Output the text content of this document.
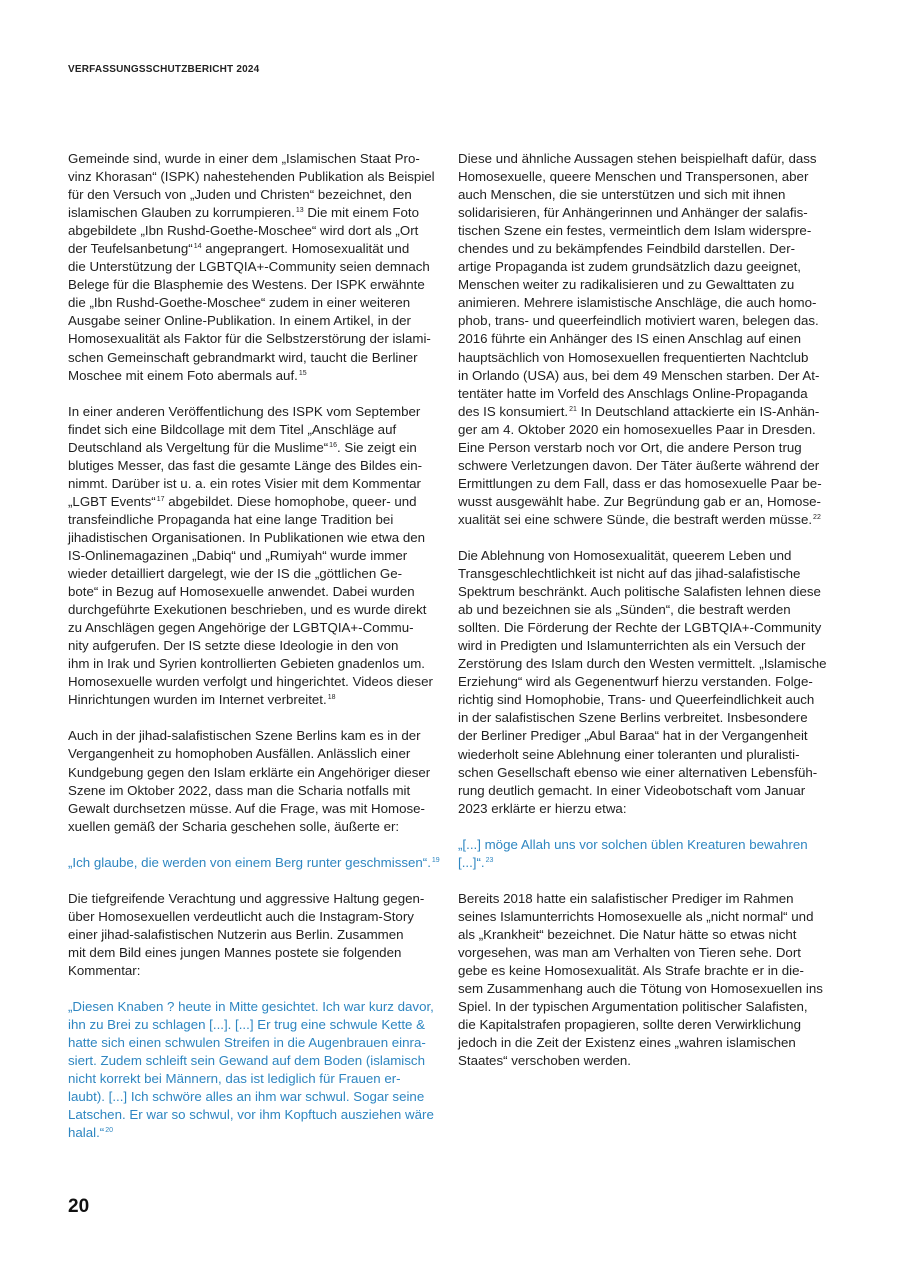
VERFASSUNGSSCHUTZBERICHT 2024

Gemeinde sind, wurde in einer dem „Islamischen Staat Pro-
vinz Khorasan“ (ISPK) nahestehenden Publikation als Beispiel
für den Versuch von „Juden und Christen“ bezeichnet, den
islamischen Glauben zu korrumpieren.$^{13}$ Die mit einem Foto
abgebildete „Ibn Rushd-Goethe-Moschee“ wird dort als „Ort
der Teufelsanbetung“$^{14}$ angeprangert. Homosexualität und
die Unterstützung der LGBTQIA+-Community seien demnach
Belege für die Blasphemie des Westens. Der ISPK erwähnte
die „Ibn Rushd-Goethe-Moschee“ zudem in einer weiteren
Ausgabe seiner Online-Publikation. In einem Artikel, in der
Homosexualität als Faktor für die Selbstzerstörung der islami-
schen Gemeinschaft gebrandmarkt wird, taucht die Berliner
Moschee mit einem Foto abermals auf.$^{15}$

In einer anderen Veröffentlichung des ISPK vom September
findet sich eine Bildcollage mit dem Titel „Anschläge auf
Deutschland als Vergeltung für die Muslime“$^{16}$. Sie zeigt ein
blutiges Messer, das fast die gesamte Länge des Bildes ein-
nimmt. Darüber ist u. a. ein rotes Visier mit dem Kommentar
„LGBT Events“$^{17}$ abgebildet. Diese homophobe, queer- und
transfeindliche Propaganda hat eine lange Tradition bei
jihadistischen Organisationen. In Publikationen wie etwa den
IS-Onlinemagazinen „Dabiq“ und „Rumiyah“ wurde immer
wieder detailliert dargelegt, wie der IS die „göttlichen Ge-
bote“ in Bezug auf Homosexuelle anwendet. Dabei wurden
durchgeführte Exekutionen beschrieben, und es wurde direkt
zu Anschlägen gegen Angehörige der LGBTQIA+-Commu-
nity aufgerufen. Der IS setzte diese Ideologie in den von
ihm in Irak und Syrien kontrollierten Gebieten gnadenlos um.
Homosexuelle wurden verfolgt und hingerichtet. Videos dieser
Hinrichtungen wurden im Internet verbreitet.$^{18}$

Auch in der jihad-salafistischen Szene Berlins kam es in der
Vergangenheit zu homophoben Ausfällen. Anlässlich einer
Kundgebung gegen den Islam erklärte ein Angehöriger dieser
Szene im Oktober 2022, dass man die Scharia notfalls mit
Gewalt durchsetzen müsse. Auf die Frage, was mit Homose-
xuellen gemäß der Scharia geschehen solle, äußerte er:

„Ich glaube, die werden von einem Berg runter geschmissen“.$^{19}$

Die tiefgreifende Verachtung und aggressive Haltung gegen-
über Homosexuellen verdeutlicht auch die Instagram-Story
einer jihad-salafistischen Nutzerin aus Berlin. Zusammen
mit dem Bild eines jungen Mannes postete sie folgenden
Kommentar:

„Diesen Knaben ? heute in Mitte gesichtet. Ich war kurz davor,
ihn zu Brei zu schlagen [...]. [...] Er trug eine schwule Kette &
hatte sich einen schwulen Streifen in die Augenbrauen einra-
siert. Zudem schleift sein Gewand auf dem Boden (islamisch
nicht korrekt bei Männern, das ist lediglich für Frauen er-
laubt). [...] Ich schwöre alles an ihm war schwul. Sogar seine
Latschen. Er war so schwul, vor ihm Kopftuch ausziehen wäre
halal.“$^{20}$

Diese und ähnliche Aussagen stehen beispielhaft dafür, dass
Homosexuelle, queere Menschen und Transpersonen, aber
auch Menschen, die sie unterstützen und sich mit ihnen
solidarisieren, für Anhängerinnen und Anhänger der salafis-
tischen Szene ein festes, vermeintlich dem Islam widerspre-
chendes und zu bekämpfendes Feindbild darstellen. Der-
artige Propaganda ist zudem grundsätzlich dazu geeignet,
Menschen weiter zu radikalisieren und zu Gewalttaten zu
animieren. Mehrere islamistische Anschläge, die auch homo-
phob, trans- und queerfeindlich motiviert waren, belegen das.
2016 führte ein Anhänger des IS einen Anschlag auf einen
hauptsächlich von Homosexuellen frequentierten Nachtclub
in Orlando (USA) aus, bei dem 49 Menschen starben. Der At-
tentäter hatte im Vorfeld des Anschlags Online-Propaganda
des IS konsumiert.$^{21}$ In Deutschland attackierte ein IS-Anhän-
ger am 4. Oktober 2020 ein homosexuelles Paar in Dresden.
Eine Person verstarb noch vor Ort, die andere Person trug
schwere Verletzungen davon. Der Täter äußerte während der
Ermittlungen zu dem Fall, dass er das homosexuelle Paar be-
wusst ausgewählt habe. Zur Begründung gab er an, Homose-
xualität sei eine schwere Sünde, die bestraft werden müsse.$^{22}$

Die Ablehnung von Homosexualität, queerem Leben und
Transgeschlechtlichkeit ist nicht auf das jihad-salafistische
Spektrum beschränkt. Auch politische Salafisten lehnen diese
ab und bezeichnen sie als „Sünden“, die bestraft werden
sollten. Die Förderung der Rechte der LGBTQIA+-Community
wird in Predigten und Islamunterrichten als ein Versuch der
Zerstörung des Islam durch den Westen vermittelt. „Islamische
Erziehung“ wird als Gegenentwurf hierzu verstanden. Folge-
richtig sind Homophobie, Trans- und Queerfeindlichkeit auch
in der salafistischen Szene Berlins verbreitet. Insbesondere
der Berliner Prediger „Abul Baraa“ hat in der Vergangenheit
wiederholt seine Ablehnung einer toleranten und pluralisti-
schen Gesellschaft ebenso wie einer alternativen Lebensfüh-
rung deutlich gemacht. In einer Videobotschaft vom Januar
2023 erklärte er hierzu etwa:

„[...] möge Allah uns vor solchen üblen Kreaturen bewahren
[...]“.$^{23}$

Bereits 2018 hatte ein salafistischer Prediger im Rahmen
seines Islamunterrichts Homosexuelle als „nicht normal“ und
als „Krankheit“ bezeichnet. Die Natur hätte so etwas nicht
vorgesehen, was man am Verhalten von Tieren sehe. Dort
gebe es keine Homosexualität. Als Strafe brachte er in die-
sem Zusammenhang auch die Tötung von Homosexuellen ins
Spiel. In der typischen Argumentation politischer Salafisten,
die Kapitalstrafen propagieren, sollte deren Verwirklichung
jedoch in die Zeit der Existenz eines „wahren islamischen
Staates“ verschoben werden.

20
